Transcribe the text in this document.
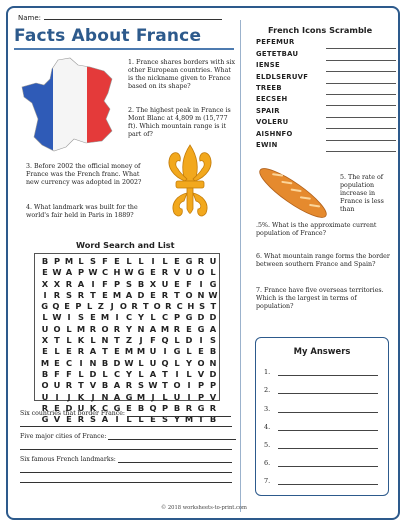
Name:
Facts About France
1. France shares borders with six other European countries. What is the nickname given to France based on its shape?
2. The highest peak in France is Mont Blanc at 4,809 m (15,777 ft). Which mountain range is it part of?
3. Before 2002 the official money of France was the French franc. What new currency was adopted in 2002?
4. What landmark was built for the world's fair held in Paris in 1889?
French Icons Scramble
PEFEMUR
GETETBAU
IENSE
ELDLSERUVF
TREEB
EECSEH
SPAIR
VOLERU
AISHNFO
EWIN
5. The rate of population increase in France is less than
.5%. What is the approximate current population of France?
6. What mountain range forms the border between southern France and Spain?
7. France have five overseas territories. Which is the largest in terms of population?
Word Search and List
B P M L S F E L L I L E G R U
E W A P W C H W G E R V U O L
X X R A I F P S B X U E F I G
I R S R T E M A D E R T O N W
G Q E P L Z J O R T O R C H S T
L W I S E M I C Y L C P G D D
U O L M R O R Y N A M R E G A
X T L K L N T Z J F Q L D I S
E L E R A T E M M U I G L E B
M E C I N B D W L U Q L Y O N
B F F L D L C Y L A T I L V D
O U R T V B A R S W T O I P P
U I	J K J N A G M J L U I P V
R E D U K C G E B Q P B R G R
G V E R S A I L L E S Y M T B
Six countries that border France:
Five major cities of France:
Six famous French landmarks:
My Answers
1.
2.
3.
4.
5.
6.
7.
© 2018 worksheets-to-print.com
